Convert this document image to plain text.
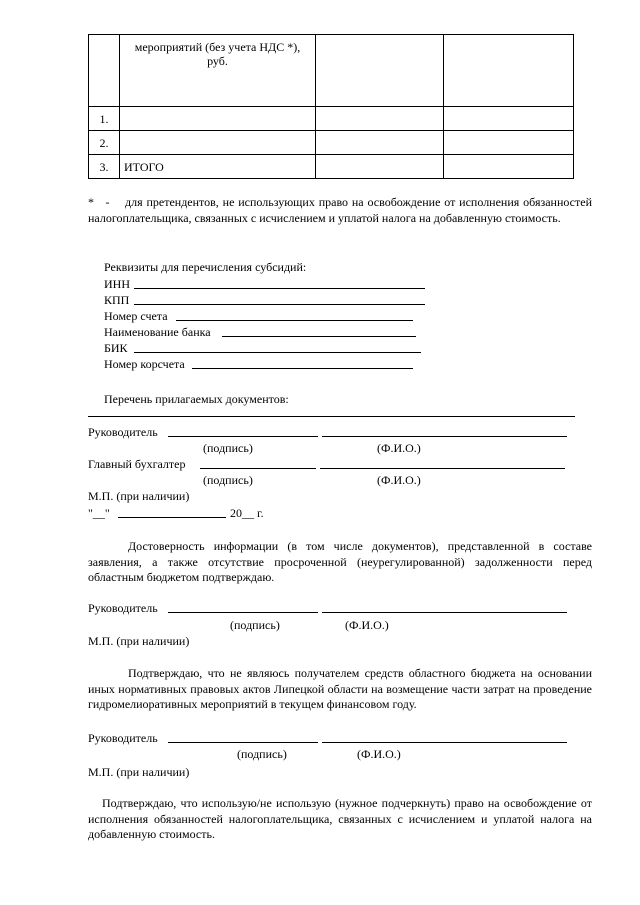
	мероприятий (без учета НДС *),
руб.		

1.			
2.			
3.	ИТОГО		
*   - для претендентов, не использующих право на освобождение от исполнения обязанностей налогоплательщика, связанных с исчислением и уплатой налога на добавленную стоимость.
Реквизиты для перечисления субсидий:
ИНН
КПП
Номер счета
Наименование банка
БИК
Номер корсчета
Перечень прилагаемых документов:
Руководитель
(подпись)	(Ф.И.О.)
Главный бухгалтер
(подпись)	(Ф.И.О.)
М.П. (при наличии)
"__"	20__ г.
Достоверность информации (в том числе документов), представленной в составе заявления, а также отсутствие просроченной (неурегулированной) задолженности перед областным бюджетом подтверждаю.
Руководитель
(подпись)	(Ф.И.О.)
М.П. (при наличии)
Подтверждаю, что не являюсь получателем средств областного бюджета на основании иных нормативных правовых актов Липецкой области на возмещение части затрат на проведение гидромелиоративных мероприятий в текущем финансовом году.
Руководитель
(подпись)	(Ф.И.О.)
М.П. (при наличии)
Подтверждаю, что использую/не использую (нужное подчеркнуть) право на освобождение от исполнения обязанностей налогоплательщика, связанных с исчислением и уплатой налога на добавленную стоимость.
